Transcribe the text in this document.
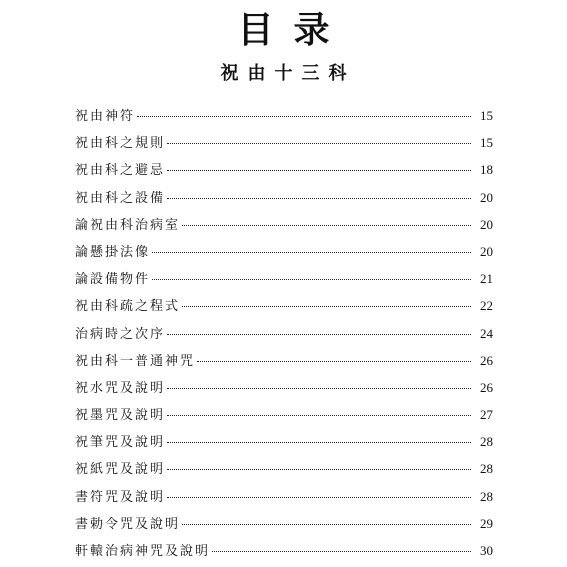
目录
祝由十三科
祝由神符	15
祝由科之規則	15
祝由科之避忌	18
祝由科之設備	20
論祝由科治病室	20
論懸掛法像	20
論設備物件	21
祝由科疏之程式	22
治病時之次序	24
祝由科一普通神咒	26
祝水咒及說明	26
祝墨咒及說明	27
祝筆咒及說明	28
祝紙咒及說明	28
書符咒及說明	28
書勅令咒及說明	29
軒轅治病神咒及說明	30
